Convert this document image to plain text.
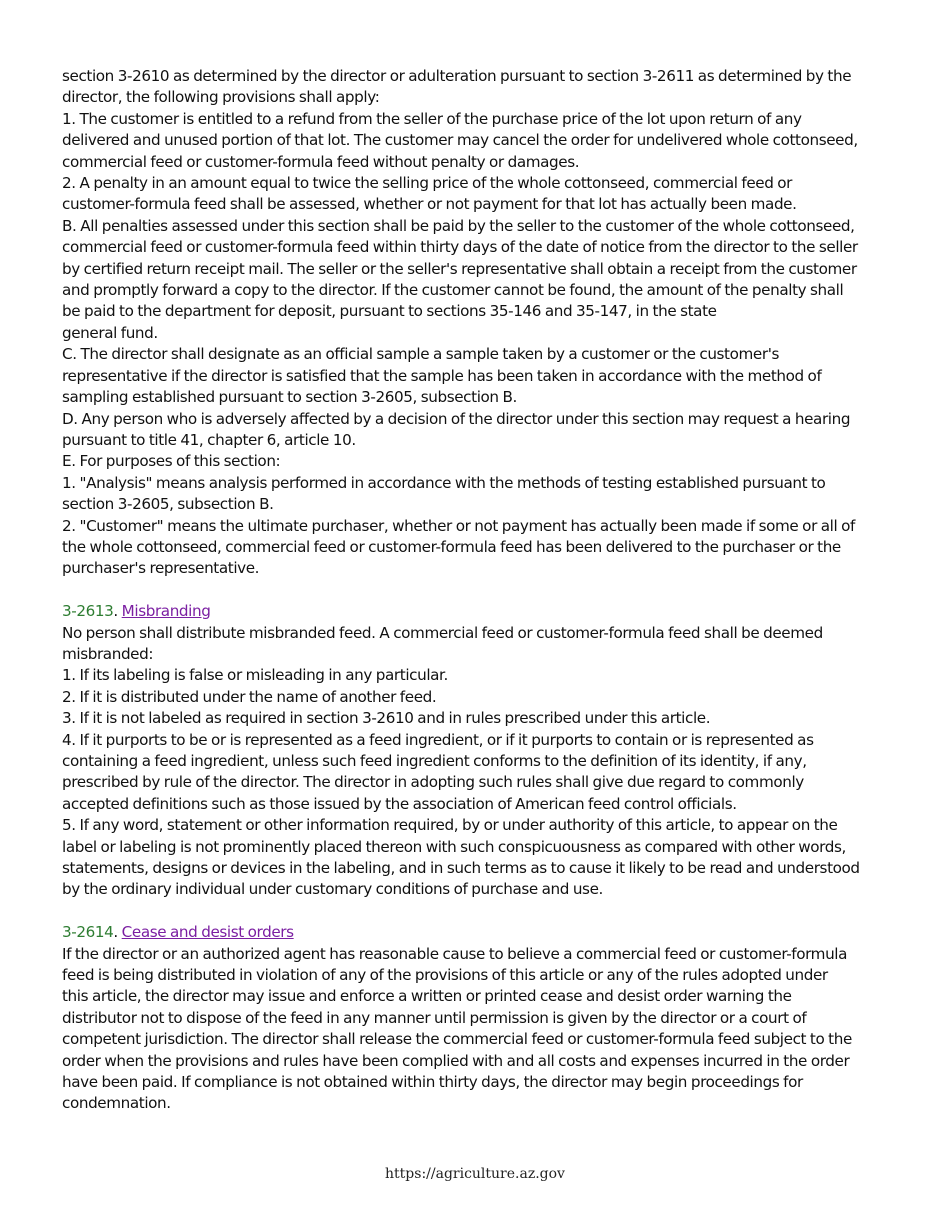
section 3-2610 as determined by the director or adulteration pursuant to section 3-2611 as determined by the
director, the following provisions shall apply:
1. The customer is entitled to a refund from the seller of the purchase price of the lot upon return of any
delivered and unused portion of that lot. The customer may cancel the order for undelivered whole cottonseed,
commercial feed or customer-formula feed without penalty or damages.
2. A penalty in an amount equal to twice the selling price of the whole cottonseed, commercial feed or
customer-formula feed shall be assessed, whether or not payment for that lot has actually been made.
B. All penalties assessed under this section shall be paid by the seller to the customer of the whole cottonseed,
commercial feed or customer-formula feed within thirty days of the date of notice from the director to the seller
by certified return receipt mail. The seller or the seller's representative shall obtain a receipt from the customer
and promptly forward a copy to the director. If the customer cannot be found, the amount of the penalty shall
be paid to the department for deposit, pursuant to sections 35-146 and 35-147, in the state
general fund.
C. The director shall designate as an official sample a sample taken by a customer or the customer's
representative if the director is satisfied that the sample has been taken in accordance with the method of
sampling established pursuant to section 3-2605, subsection B.
D. Any person who is adversely affected by a decision of the director under this section may request a hearing
pursuant to title 41, chapter 6, article 10.
E. For purposes of this section:
1. "Analysis" means analysis performed in accordance with the methods of testing established pursuant to
section 3-2605, subsection B.
2. "Customer" means the ultimate purchaser, whether or not payment has actually been made if some or all of
the whole cottonseed, commercial feed or customer-formula feed has been delivered to the purchaser or the
purchaser's representative.
3-2613. Misbranding
No person shall distribute misbranded feed. A commercial feed or customer-formula feed shall be deemed
misbranded:
1. If its labeling is false or misleading in any particular.
2. If it is distributed under the name of another feed.
3. If it is not labeled as required in section 3-2610 and in rules prescribed under this article.
4. If it purports to be or is represented as a feed ingredient, or if it purports to contain or is represented as
containing a feed ingredient, unless such feed ingredient conforms to the definition of its identity, if any,
prescribed by rule of the director. The director in adopting such rules shall give due regard to commonly
accepted definitions such as those issued by the association of American feed control officials.
5. If any word, statement or other information required, by or under authority of this article, to appear on the
label or labeling is not prominently placed thereon with such conspicuousness as compared with other words,
statements, designs or devices in the labeling, and in such terms as to cause it likely to be read and understood
by the ordinary individual under customary conditions of purchase and use.
3-2614. Cease and desist orders
If the director or an authorized agent has reasonable cause to believe a commercial feed or customer-formula
feed is being distributed in violation of any of the provisions of this article or any of the rules adopted under
this article, the director may issue and enforce a written or printed cease and desist order warning the
distributor not to dispose of the feed in any manner until permission is given by the director or a court of
competent jurisdiction. The director shall release the commercial feed or customer-formula feed subject to the
order when the provisions and rules have been complied with and all costs and expenses incurred in the order
have been paid. If compliance is not obtained within thirty days, the director may begin proceedings for
condemnation.
https://agriculture.az.gov
